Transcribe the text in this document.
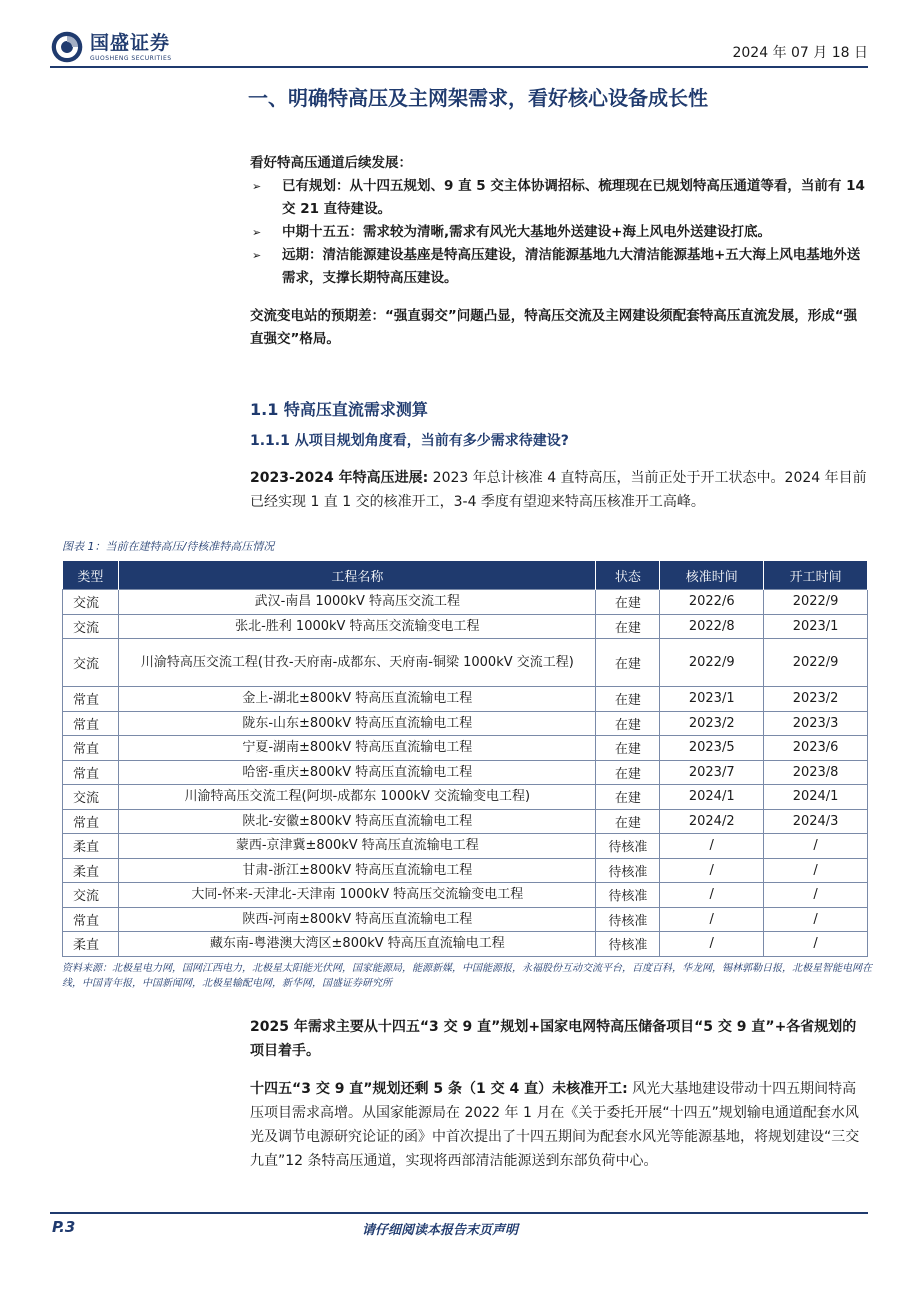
国盛证券
GUOSHENG SECURITIES	2024 年 07 月 18 日
一、明确特高压及主网架需求，看好核心设备成长性
看好特高压通道后续发展：
➢ 已有规划：从十四五规划、9 直 5 交主体协调招标、梳理现在已规划特高压通道等看，当前有 14 交 21 直待建设。
➢ 中期十五五：需求较为清晰,需求有风光大基地外送建设+海上风电外送建设打底。
➢ 远期：清洁能源建设基座是特高压建设，清洁能源基地九大清洁能源基地+五大海上风电基地外送需求，支撑长期特高压建设。
交流变电站的预期差：“强直弱交”问题凸显，特高压交流及主网建设须配套特高压直流发展，形成“强直强交”格局。
1.1 特高压直流需求测算
1.1.1 从项目规划角度看，当前有多少需求待建设?
2023-2024 年特高压进展: 2023 年总计核准 4 直特高压，当前正处于开工状态中。2024 年目前已经实现 1 直 1 交的核准开工，3-4 季度有望迎来特高压核准开工高峰。
图表 1：当前在建特高压/待核准特高压情况
类型	工程名称	状态	核准时间	开工时间
交流	武汉-南昌 1000kV 特高压交流工程	在建	2022/6	2022/9
交流	张北-胜利 1000kV 特高压交流输变电工程	在建	2022/8	2023/1
交流	川渝特高压交流工程(甘孜-天府南-成都东、天府南-铜梁 1000kV 交流工程)	在建	2022/9	2022/9
常直	金上-湖北±800kV 特高压直流输电工程	在建	2023/1	2023/2
常直	陇东-山东±800kV 特高压直流输电工程	在建	2023/2	2023/3
常直	宁夏-湖南±800kV 特高压直流输电工程	在建	2023/5	2023/6
常直	哈密-重庆±800kV 特高压直流输电工程	在建	2023/7	2023/8
交流	川渝特高压交流工程(阿坝-成都东 1000kV 交流输变电工程)	在建	2024/1	2024/1
常直	陕北-安徽±800kV 特高压直流输电工程	在建	2024/2	2024/3
柔直	蒙西-京津冀±800kV 特高压直流输电工程	待核准	/	/
柔直	甘肃-浙江±800kV 特高压直流输电工程	待核准	/	/
交流	大同-怀来-天津北-天津南 1000kV 特高压交流输变电工程	待核准	/	/
常直	陕西-河南±800kV 特高压直流输电工程	待核准	/	/
柔直	藏东南-粤港澳大湾区±800kV 特高压直流输电工程	待核准	/	/
资料来源：北极星电力网，国网江西电力，北极星太阳能光伏网，国家能源局，能源新媒，中国能源报，永福股份互动交流平台，百度百科，华龙网，锡林郭勒日报，北极星智能电网在线，中国青年报，中国新闻网，北极星输配电网，新华网，国盛证券研究所
2025 年需求主要从十四五“3 交 9 直”规划+国家电网特高压储备项目“5 交 9 直”+各省规划的项目着手。
十四五“3 交 9 直”规划还剩 5 条（1 交 4 直）未核准开工: 风光大基地建设带动十四五期间特高压项目需求高增。从国家能源局在 2022 年 1 月在《关于委托开展“十四五”规划输电通道配套水风光及调节电源研究论证的函》中首次提出了十四五期间为配套水风光等能源基地，将规划建设“三交九直”12 条特高压通道，实现将西部清洁能源送到东部负荷中心。
P.3	请仔细阅读本报告末页声明
